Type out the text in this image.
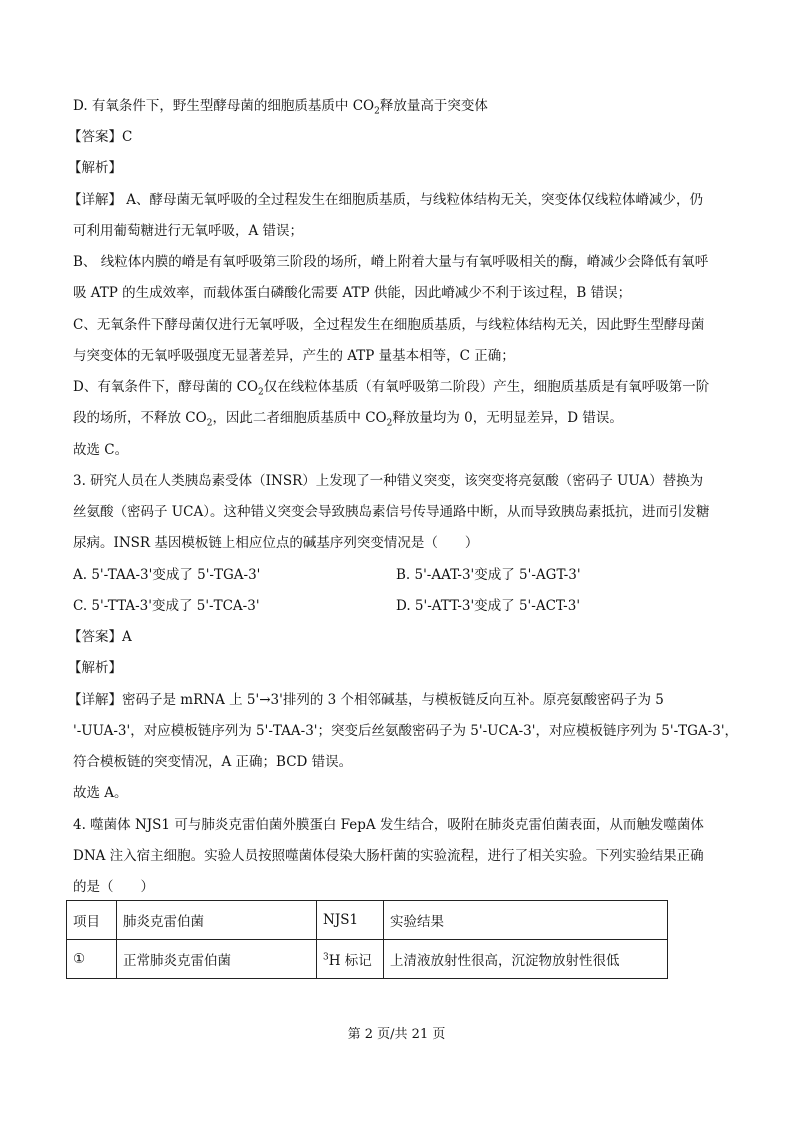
D. 有氧条件下，野生型酵母菌的细胞质基质中 $CO_2$释放量高于突变体
【答案】C
【解析】
【详解】 A、酵母菌无氧呼吸的全过程发生在细胞质基质，与线粒体结构无关，突变体仅线粒体嵴减少，仍
可利用葡萄糖进行无氧呼吸，A 错误；
B、 线粒体内膜的嵴是有氧呼吸第三阶段的场所，嵴上附着大量与有氧呼吸相关的酶，嵴减少会降低有氧呼
吸 ATP 的生成效率，而载体蛋白磷酸化需要 ATP 供能，因此嵴减少不利于该过程，B 错误；
C、无氧条件下酵母菌仅进行无氧呼吸，全过程发生在细胞质基质，与线粒体结构无关，因此野生型酵母菌
与突变体的无氧呼吸强度无显著差异，产生的 ATP 量基本相等，C 正确；
D、有氧条件下，酵母菌的 $CO_2$仅在线粒体基质（有氧呼吸第二阶段）产生，细胞质基质是有氧呼吸第一阶
段的场所，不释放 $CO_2$，因此二者细胞质基质中 $CO_2$释放量均为 0，无明显差异，D 错误。
故选 C。
3. 研究人员在人类胰岛素受体（INSR）上发现了一种错义突变，该突变将亮氨酸（密码子 UUA）替换为
丝氨酸（密码子 UCA）。这种错义突变会导致胰岛素信号传导通路中断，从而导致胰岛素抵抗，进而引发糖
尿病。INSR 基因模板链上相应位点的碱基序列突变情况是（　　）
A. 5'-TAA-3'变成了 5'-TGA-3'	B. 5'-AAT-3'变成了 5'-AGT-3'
C. 5'-TTA-3'变成了 5'-TCA-3'	D. 5'-ATT-3'变成了 5'-ACT-3'
【答案】A
【解析】
【详解】密码子是 mRNA 上 5'→3'排列的 3 个相邻碱基，与模板链反向互补。原亮氨酸密码子为 5
'-UUA-3'，对应模板链序列为 5'-TAA-3'；突变后丝氨酸密码子为 5'-UCA-3'，对应模板链序列为 5'-TGA-3'，
符合模板链的突变情况，A 正确；BCD 错误。
故选 A。
4. 噬菌体 NJS1 可与肺炎克雷伯菌外膜蛋白 FepA 发生结合，吸附在肺炎克雷伯菌表面，从而触发噬菌体
DNA 注入宿主细胞。实验人员按照噬菌体侵染大肠杆菌的实验流程，进行了相关实验。下列实验结果正确
的是（　　）
项目	肺炎克雷伯菌	NJS1	实验结果
①	正常肺炎克雷伯菌	$^3$H 标记	上清液放射性很高，沉淀物放射性很低
第 2 页/共 21 页
